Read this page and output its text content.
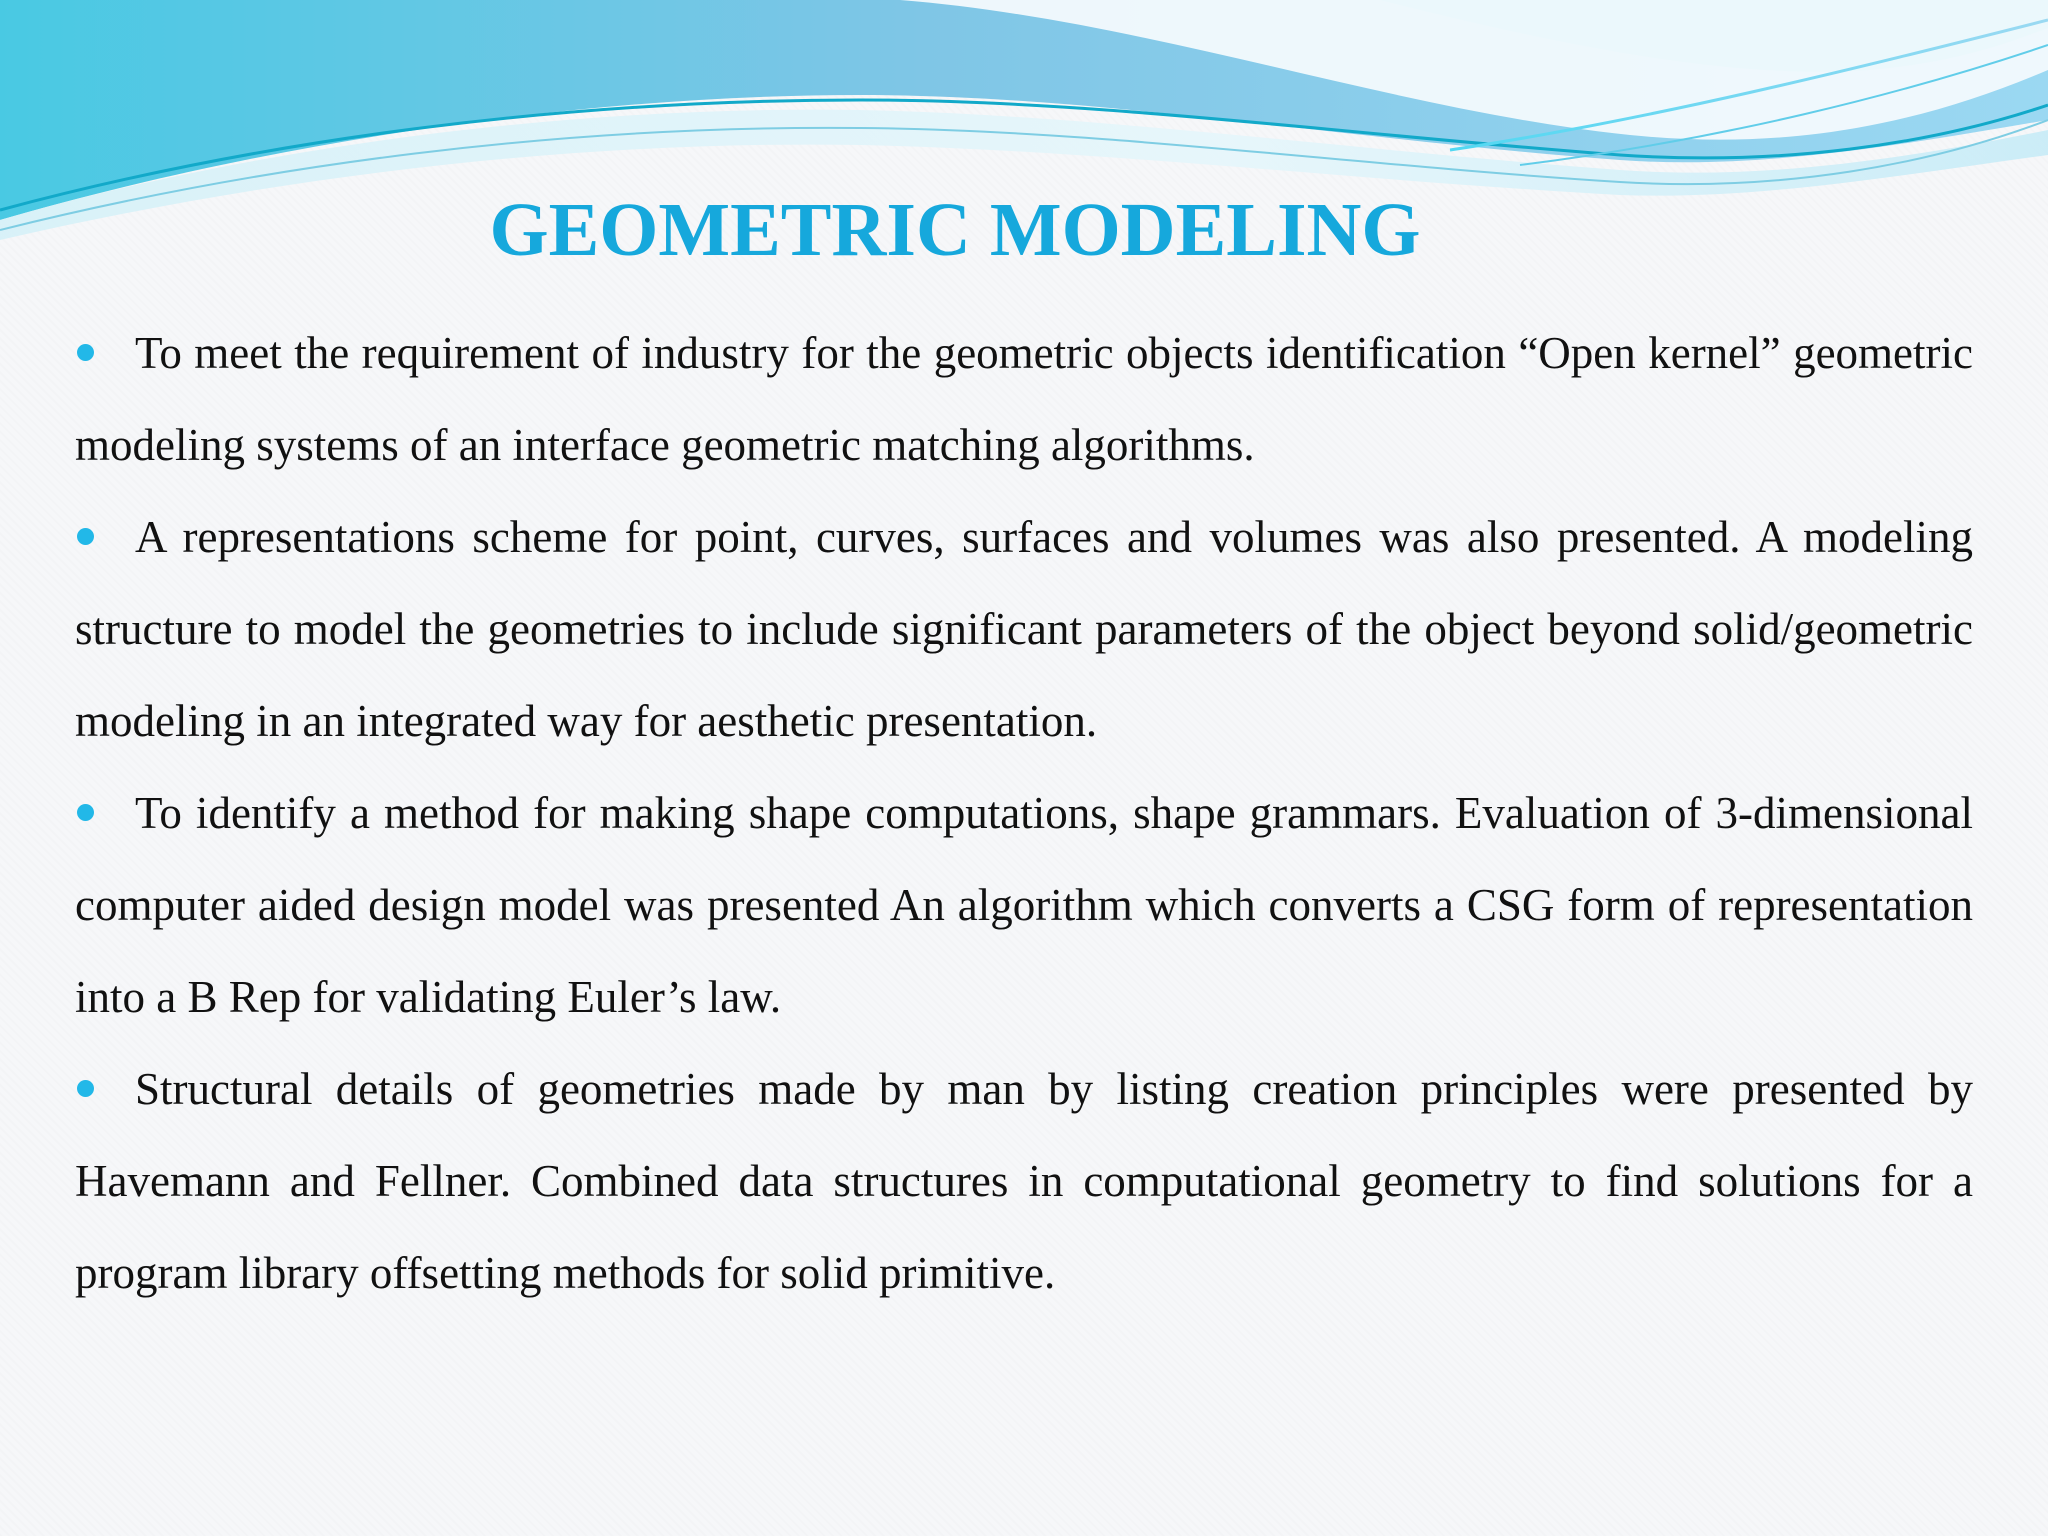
GEOMETRIC MODELING
To meet the requirement of industry for the geometric objects identification “Open kernel” geometric modeling systems of an interface geometric matching algorithms.
A representations scheme for point, curves, surfaces and volumes was also presented. A modeling structure to model the geometries to include significant parameters of the object beyond solid/geometric modeling in an integrated way for aesthetic presentation.
To identify a method for making shape computations, shape grammars. Evaluation of 3-dimensional computer aided design model was presented An algorithm which converts a CSG form of representation into a B Rep for validating Euler’s law.
Structural details of geometries made by man by listing creation principles were presented by Havemann and Fellner. Combined data structures in computational geometry to find solutions for a program library offsetting methods for solid primitive.
